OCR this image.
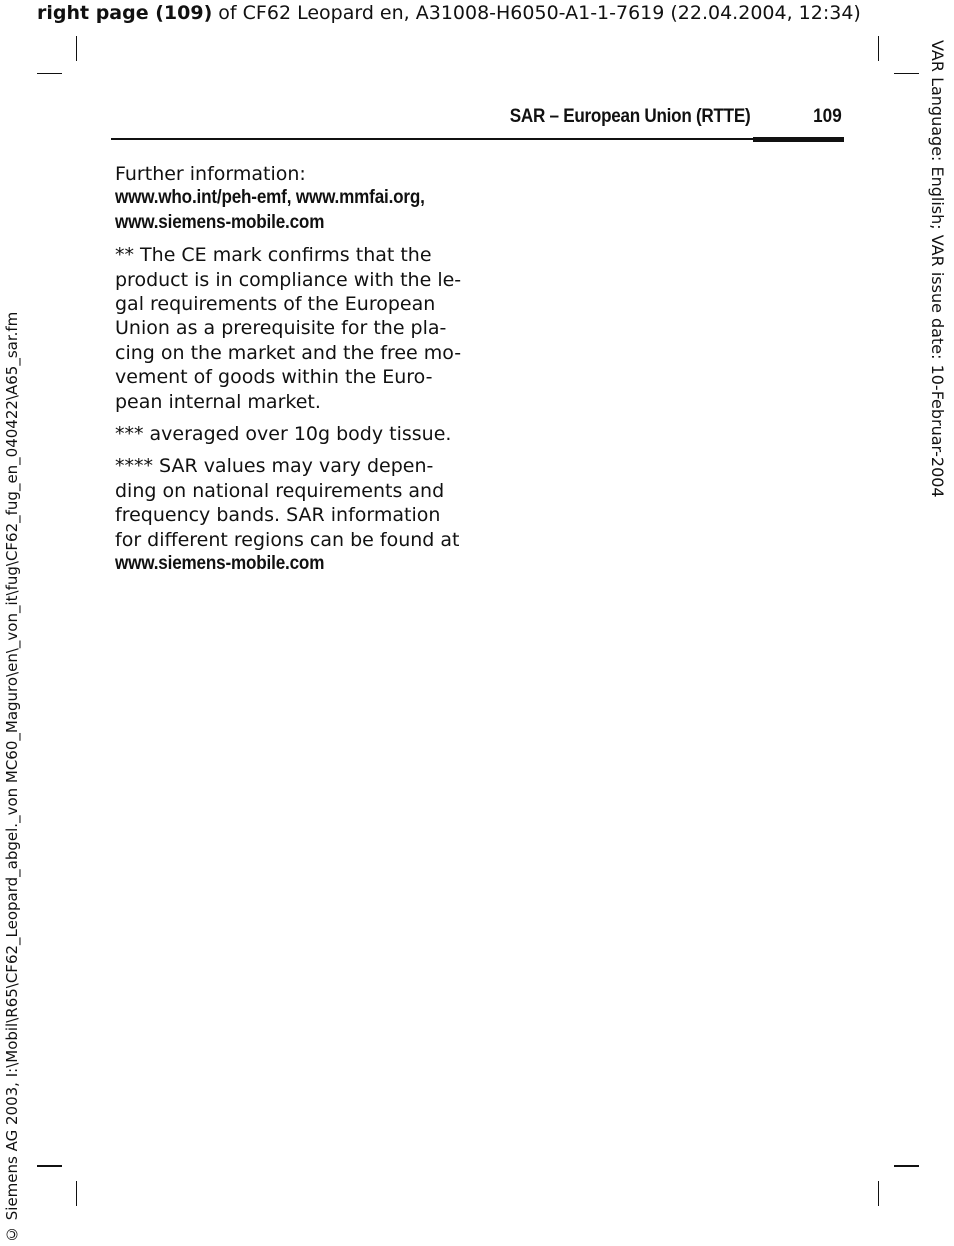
right page (109) of CF62 Leopard en, A31008-H6050-A1-1-7619 (22.04.2004, 12:34)
VAR Language: English; VAR issue date: 10-Februar-2004
© Siemens AG 2003, I:\Mobil\R65\CF62_Leopard_abgel._von MC60_Maguro\en\_von_it\fug\CF62_fug_en_040422\A65_sar.fm
SAR – European Union (RTTE)	109
Further information:
www.who.int/peh-emf, www.mmfai.org,
www.siemens-mobile.com
** The CE mark confirms that the
product is in compliance with the le-
gal requirements of the European
Union as a prerequisite for the pla-
cing on the market and the free mo-
vement of goods within the Euro-
pean internal market.
*** averaged over 10g body tissue.
**** SAR values may vary depen-
ding on national requirements and
frequency bands. SAR information
for different regions can be found at
www.siemens-mobile.com
